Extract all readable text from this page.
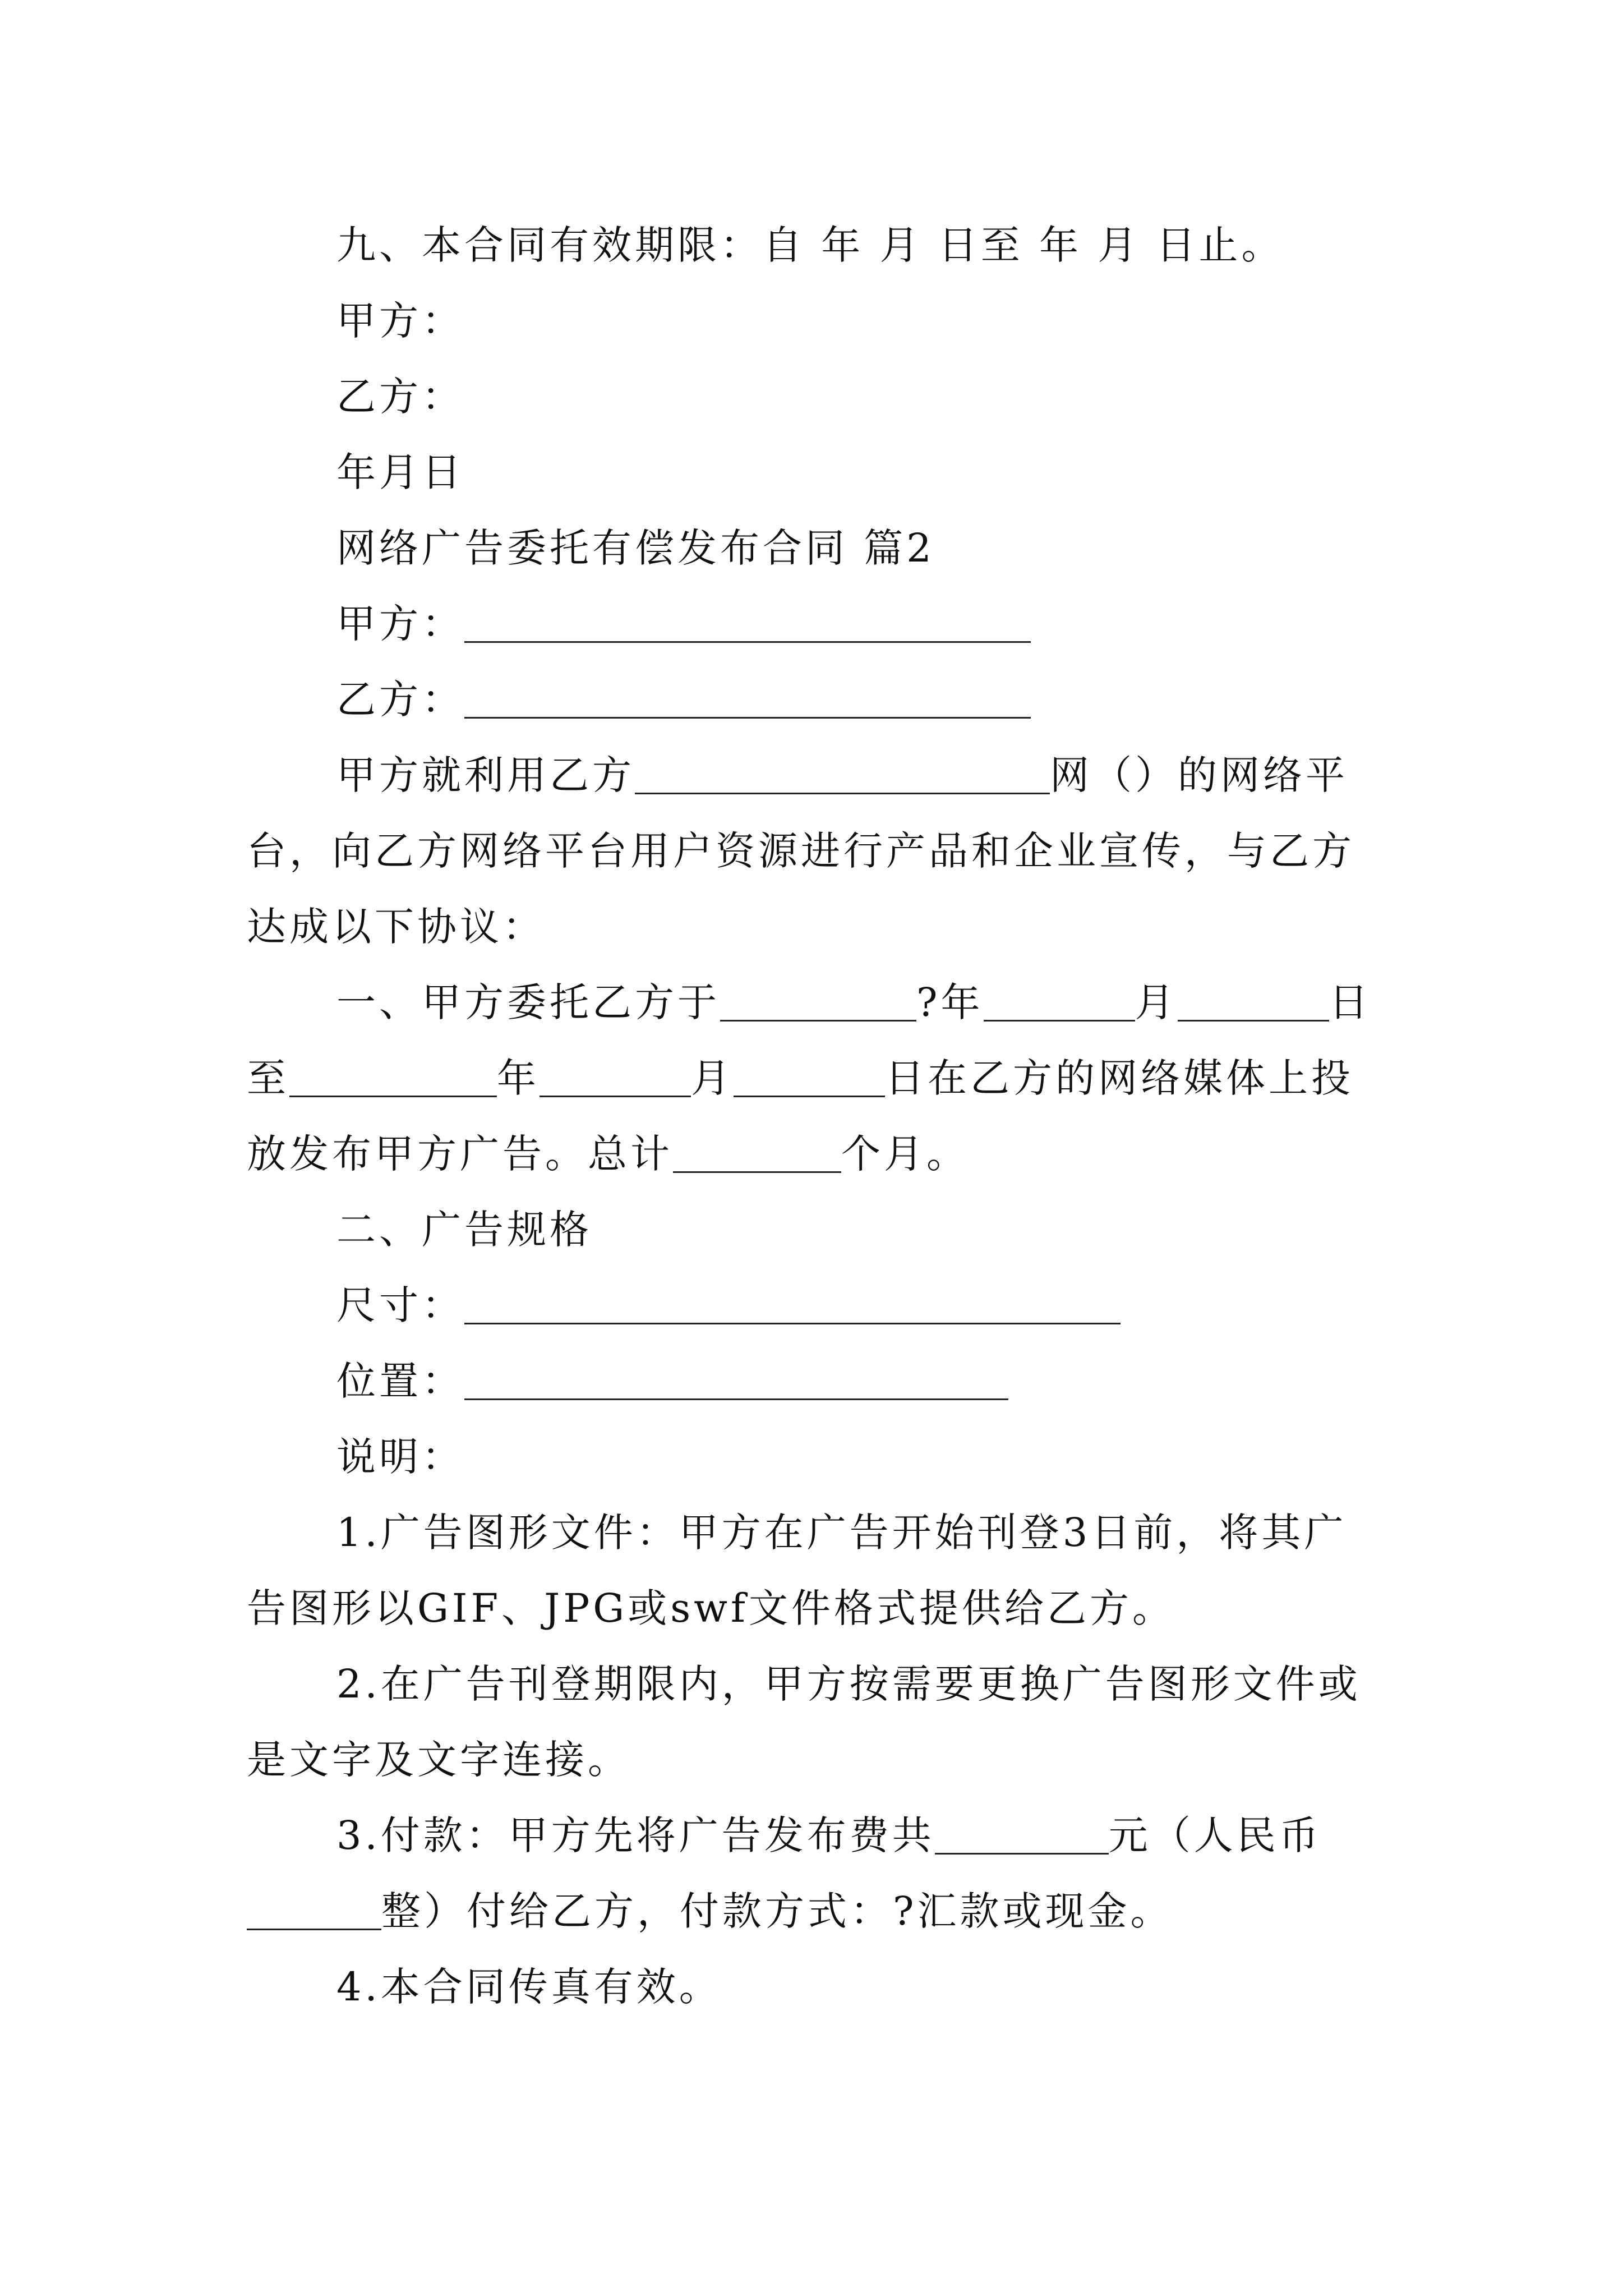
九、本合同有效期限：自 年 月 日至 年 月 日止。
甲方：
乙方：
年月日
网络广告委托有偿发布合同 篇2
甲方：
乙方：
甲方就利用乙方	网（）的网络平
台，向乙方网络平台用户资源进行产品和企业宣传，与乙方
达成以下协议：
一、甲方委托乙方于	?年	月	日
至	年	月	日在乙方的网络媒体上投
放发布甲方广告。总计	个月。
二、广告规格
尺寸：
位置：
说明：
1.广告图形文件：甲方在广告开始刊登3日前，将其广
告图形以GIF、JPG或swf文件格式提供给乙方。
2.在广告刊登期限内，甲方按需要更换广告图形文件或
是文字及文字连接。
3.付款：甲方先将广告发布费共	元（人民币
整）付给乙方，付款方式：?汇款或现金。
4.本合同传真有效。
